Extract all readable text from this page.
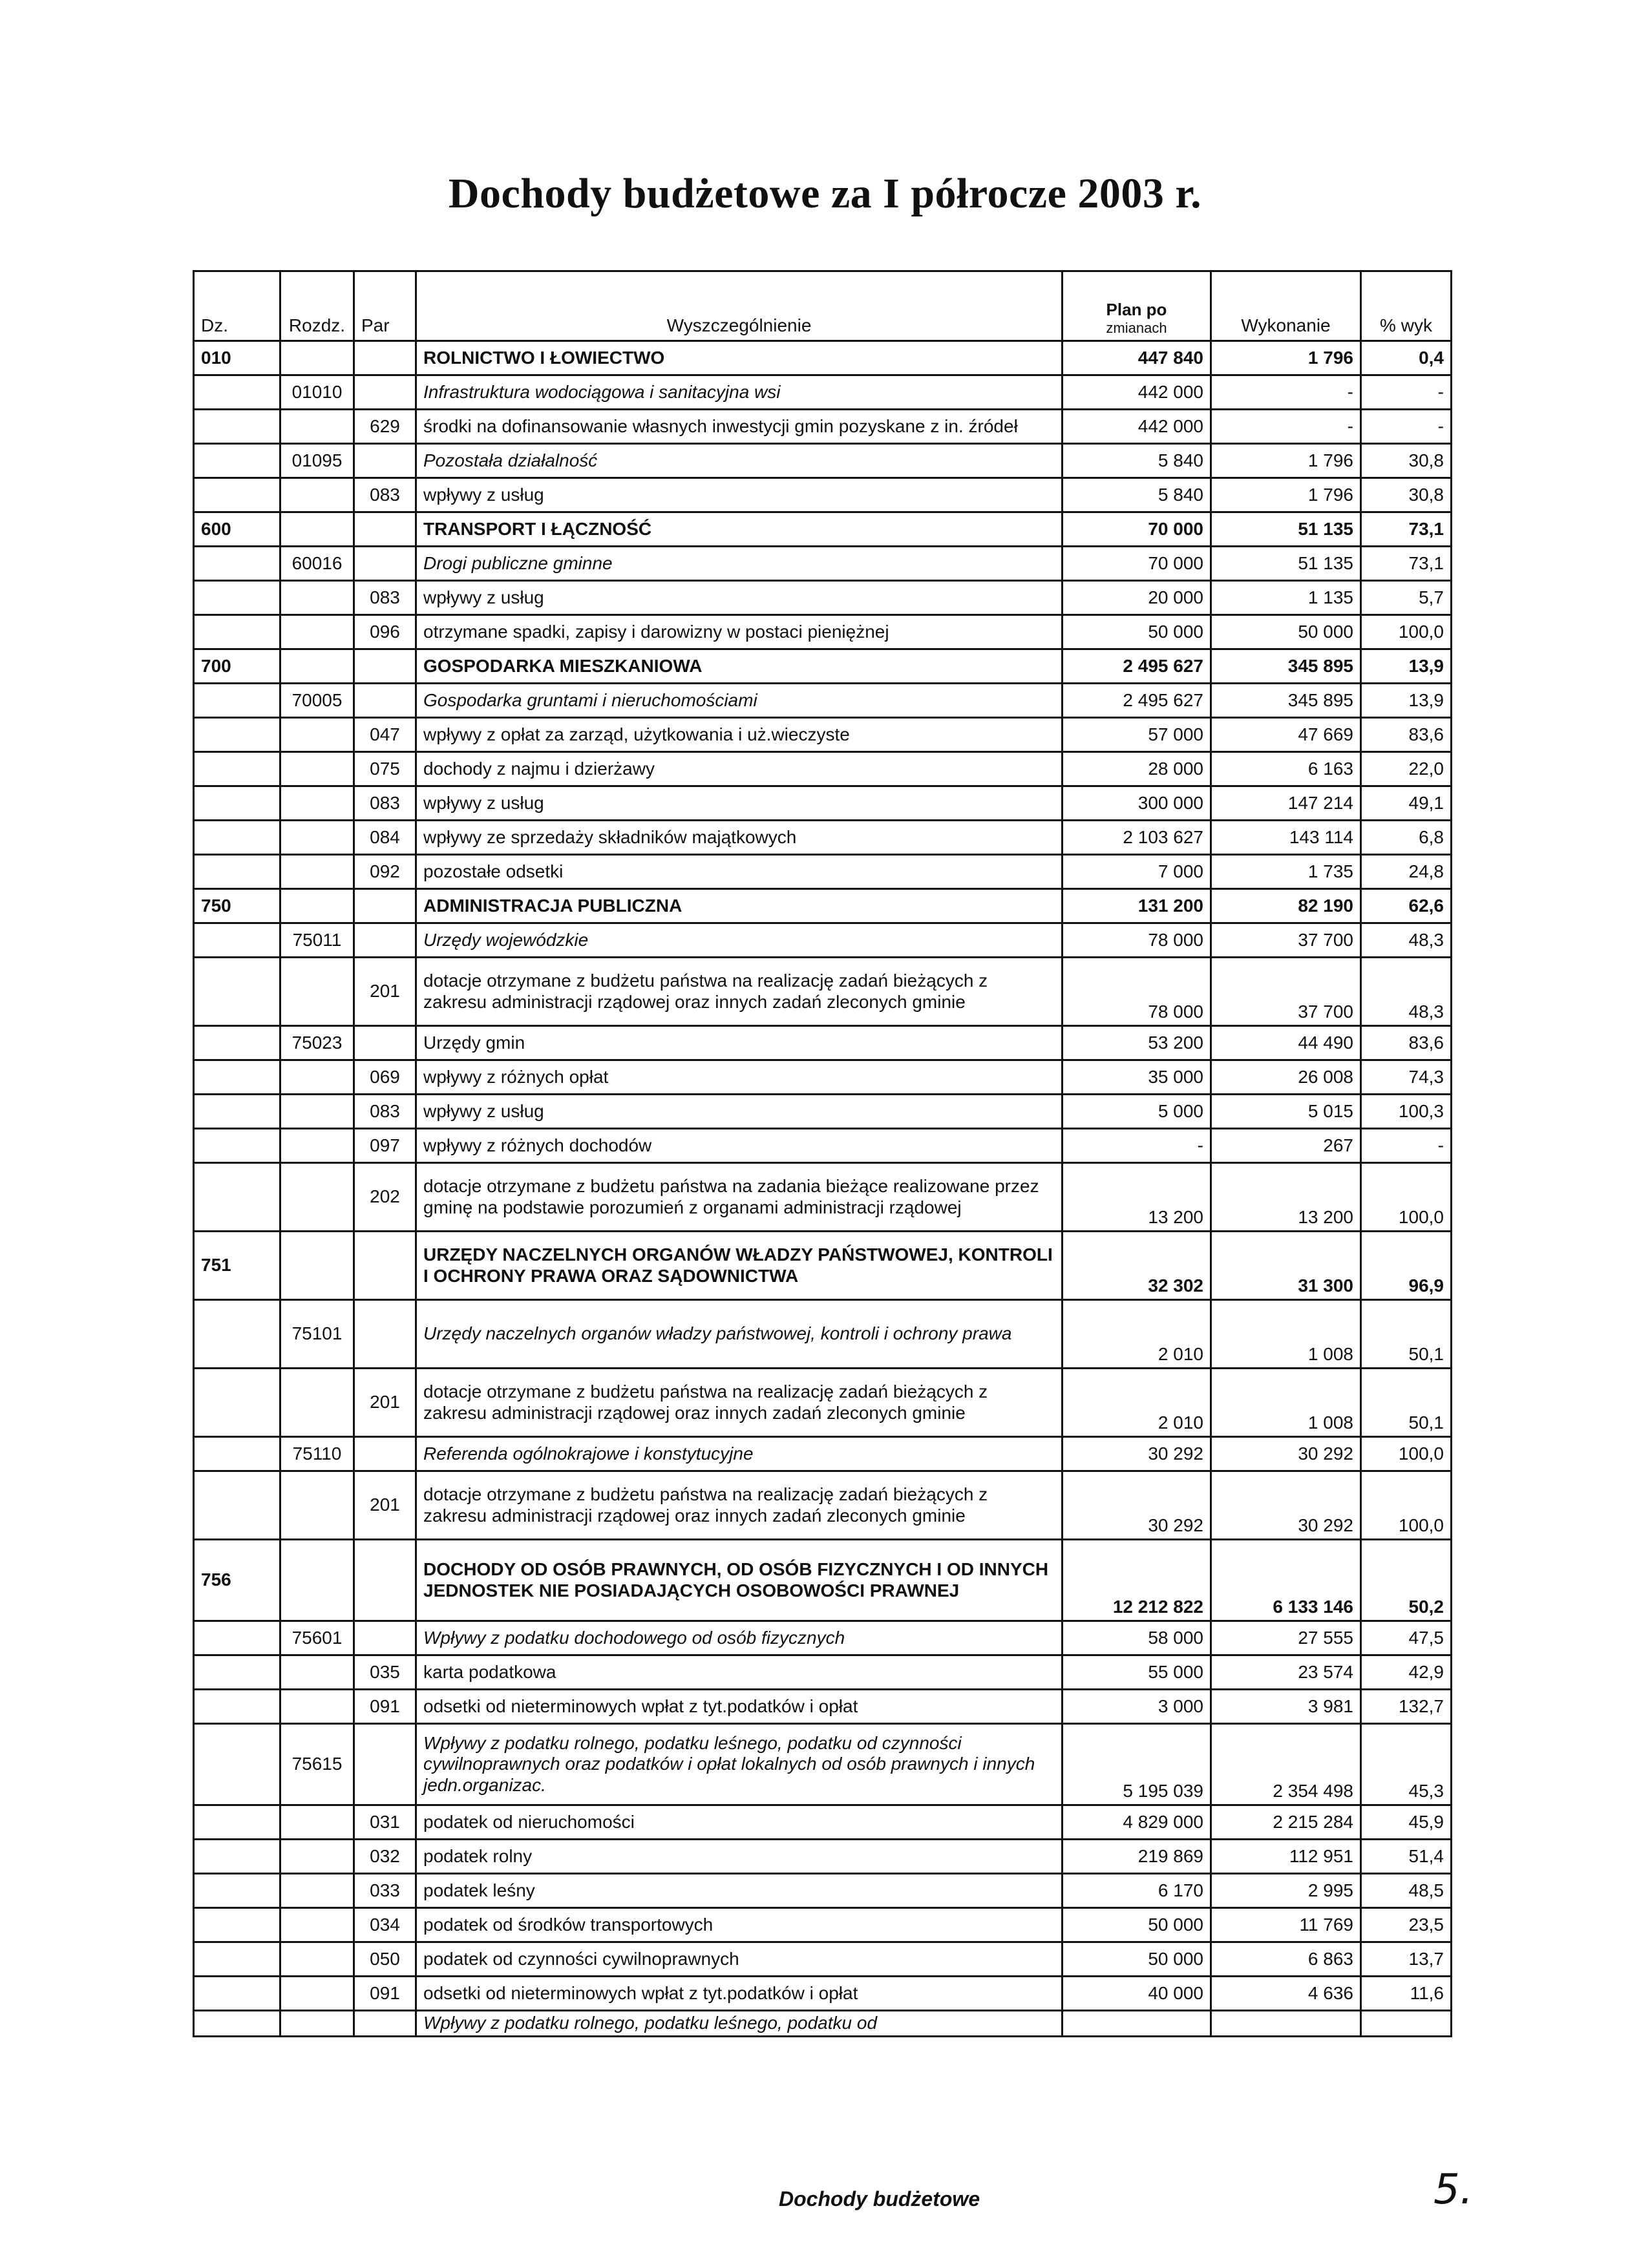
Dochody budżetowe za I półrocze 2003 r.
Dz.	Rozdz.	Par	Wyszczególnienie	Plan po
zmianach	Wykonanie	% wyk
010			ROLNICTWO I ŁOWIECTWO	447 840	1 796	0,4
	01010		Infrastruktura wodociągowa i sanitacyjna wsi	442 000	-	-
		629	środki na dofinansowanie własnych inwestycji gmin pozyskane z in. źródeł	442 000	-	-
	01095		Pozostała działalność	5 840	1 796	30,8
		083	wpływy z usług	5 840	1 796	30,8
600			TRANSPORT I ŁĄCZNOŚĆ	70 000	51 135	73,1
	60016		Drogi publiczne gminne	70 000	51 135	73,1
		083	wpływy z usług	20 000	1 135	5,7
		096	otrzymane spadki, zapisy i darowizny w postaci pieniężnej	50 000	50 000	100,0
700			GOSPODARKA MIESZKANIOWA	2 495 627	345 895	13,9
	70005		Gospodarka gruntami i nieruchomościami	2 495 627	345 895	13,9
		047	wpływy z opłat za zarząd, użytkowania i uż.wieczyste	57 000	47 669	83,6
		075	dochody z najmu i dzierżawy	28 000	6 163	22,0
		083	wpływy z usług	300 000	147 214	49,1
		084	wpływy ze sprzedaży składników majątkowych	2 103 627	143 114	6,8
		092	pozostałe odsetki	7 000	1 735	24,8
750			ADMINISTRACJA PUBLICZNA	131 200	82 190	62,6
	75011		Urzędy wojewódzkie	78 000	37 700	48,3
		201	dotacje otrzymane z budżetu państwa na realizację zadań bieżących z zakresu administracji rządowej oraz innych zadań zleconych gminie	78 000	37 700	48,3
	75023		Urzędy gmin	53 200	44 490	83,6
		069	wpływy z różnych opłat	35 000	26 008	74,3
		083	wpływy z usług	5 000	5 015	100,3
		097	wpływy z różnych dochodów	-	267	-
		202	dotacje otrzymane z budżetu państwa na zadania bieżące realizowane przez gminę na podstawie porozumień z organami administracji rządowej	13 200	13 200	100,0
751			URZĘDY NACZELNYCH ORGANÓW WŁADZY PAŃSTWOWEJ, KONTROLI I OCHRONY PRAWA ORAZ SĄDOWNICTWA	32 302	31 300	96,9
	75101		Urzędy naczelnych organów władzy państwowej, kontroli i ochrony prawa	2 010	1 008	50,1
		201	dotacje otrzymane z budżetu państwa na realizację zadań bieżących z zakresu administracji rządowej oraz innych zadań zleconych gminie	2 010	1 008	50,1
	75110		Referenda ogólnokrajowe i konstytucyjne	30 292	30 292	100,0
		201	dotacje otrzymane z budżetu państwa na realizację zadań bieżących z zakresu administracji rządowej oraz innych zadań zleconych gminie	30 292	30 292	100,0
756			DOCHODY OD OSÓB PRAWNYCH, OD OSÓB FIZYCZNYCH I OD INNYCH JEDNOSTEK NIE POSIADAJĄCYCH OSOBOWOŚCI PRAWNEJ	12 212 822	6 133 146	50,2
	75601		Wpływy z podatku dochodowego od osób fizycznych	58 000	27 555	47,5
		035	karta podatkowa	55 000	23 574	42,9
		091	odsetki od nieterminowych wpłat z tyt.podatków i opłat	3 000	3 981	132,7
	75615		Wpływy z podatku rolnego, podatku leśnego, podatku od czynności cywilnoprawnych oraz podatków i opłat lokalnych od osób prawnych i innych jedn.organizac.	5 195 039	2 354 498	45,3
		031	podatek od nieruchomości	4 829 000	2 215 284	45,9
		032	podatek rolny	219 869	112 951	51,4
		033	podatek leśny	6 170	2 995	48,5
		034	podatek od środków transportowych	50 000	11 769	23,5
		050	podatek od czynności cywilnoprawnych	50 000	6 863	13,7
		091	odsetki od nieterminowych wpłat z tyt.podatków i opłat	40 000	4 636	11,6
			Wpływy z podatku rolnego, podatku leśnego, podatku od			
Dochody budżetowe	5.
